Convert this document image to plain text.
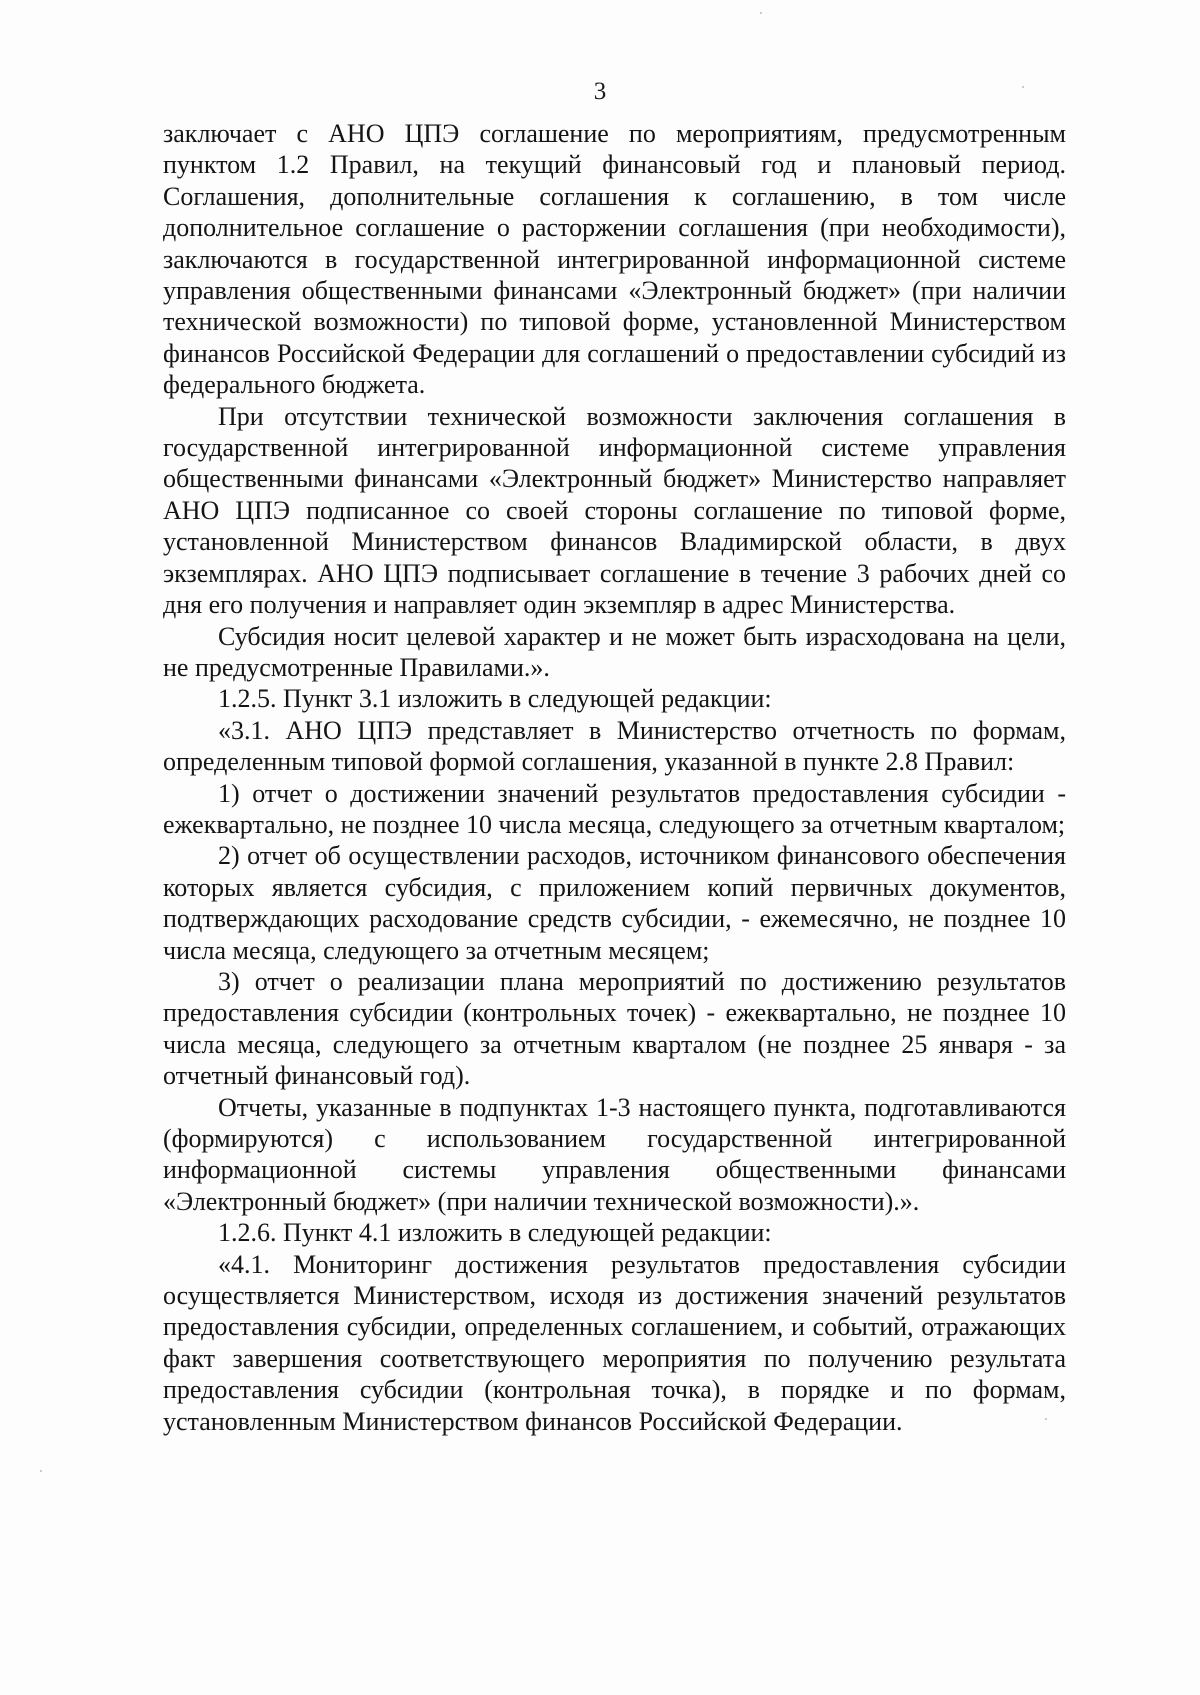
3

заключает с АНО ЦПЭ соглашение по мероприятиям, предусмотренным пунктом 1.2 Правил, на текущий финансовый год и плановый период. Соглашения, дополнительные соглашения к соглашению, в том числе дополнительное соглашение о расторжении соглашения (при необходимости), заключаются в государственной интегрированной информационной системе управления общественными финансами «Электронный бюджет» (при наличии технической возможности) по типовой форме, установленной Министерством финансов Российской Федерации для соглашений о предоставлении субсидий из федерального бюджета.

При отсутствии технической возможности заключения соглашения в государственной интегрированной информационной системе управления общественными финансами «Электронный бюджет» Министерство направляет АНО ЦПЭ подписанное со своей стороны соглашение по типовой форме, установленной Министерством финансов Владимирской области, в двух экземплярах. АНО ЦПЭ подписывает соглашение в течение 3 рабочих дней со дня его получения и направляет один экземпляр в адрес Министерства.

Субсидия носит целевой характер и не может быть израсходована на цели, не предусмотренные Правилами.».

1.2.5. Пункт 3.1 изложить в следующей редакции:

«3.1. АНО ЦПЭ представляет в Министерство отчетность по формам, определенным типовой формой соглашения, указанной в пункте 2.8 Правил:

1) отчет о достижении значений результатов предоставления субсидии - ежеквартально, не позднее 10 числа месяца, следующего за отчетным кварталом;

2) отчет об осуществлении расходов, источником финансового обеспечения которых является субсидия, с приложением копий первичных документов, подтверждающих расходование средств субсидии, - ежемесячно, не позднее 10 числа месяца, следующего за отчетным месяцем;

3) отчет о реализации плана мероприятий по достижению результатов предоставления субсидии (контрольных точек) - ежеквартально, не позднее 10 числа месяца, следующего за отчетным кварталом (не позднее 25 января - за отчетный финансовый год).

Отчеты, указанные в подпунктах 1-3 настоящего пункта, подготавливаются (формируются) с использованием государственной интегрированной информационной системы управления общественными финансами «Электронный бюджет» (при наличии технической возможности).».

1.2.6. Пункт 4.1 изложить в следующей редакции:

«4.1. Мониторинг достижения результатов предоставления субсидии осуществляется Министерством, исходя из достижения значений результатов предоставления субсидии, определенных соглашением, и событий, отражающих факт завершения соответствующего мероприятия по получению результата предоставления субсидии (контрольная точка), в порядке и по формам, установленным Министерством финансов Российской Федерации.
